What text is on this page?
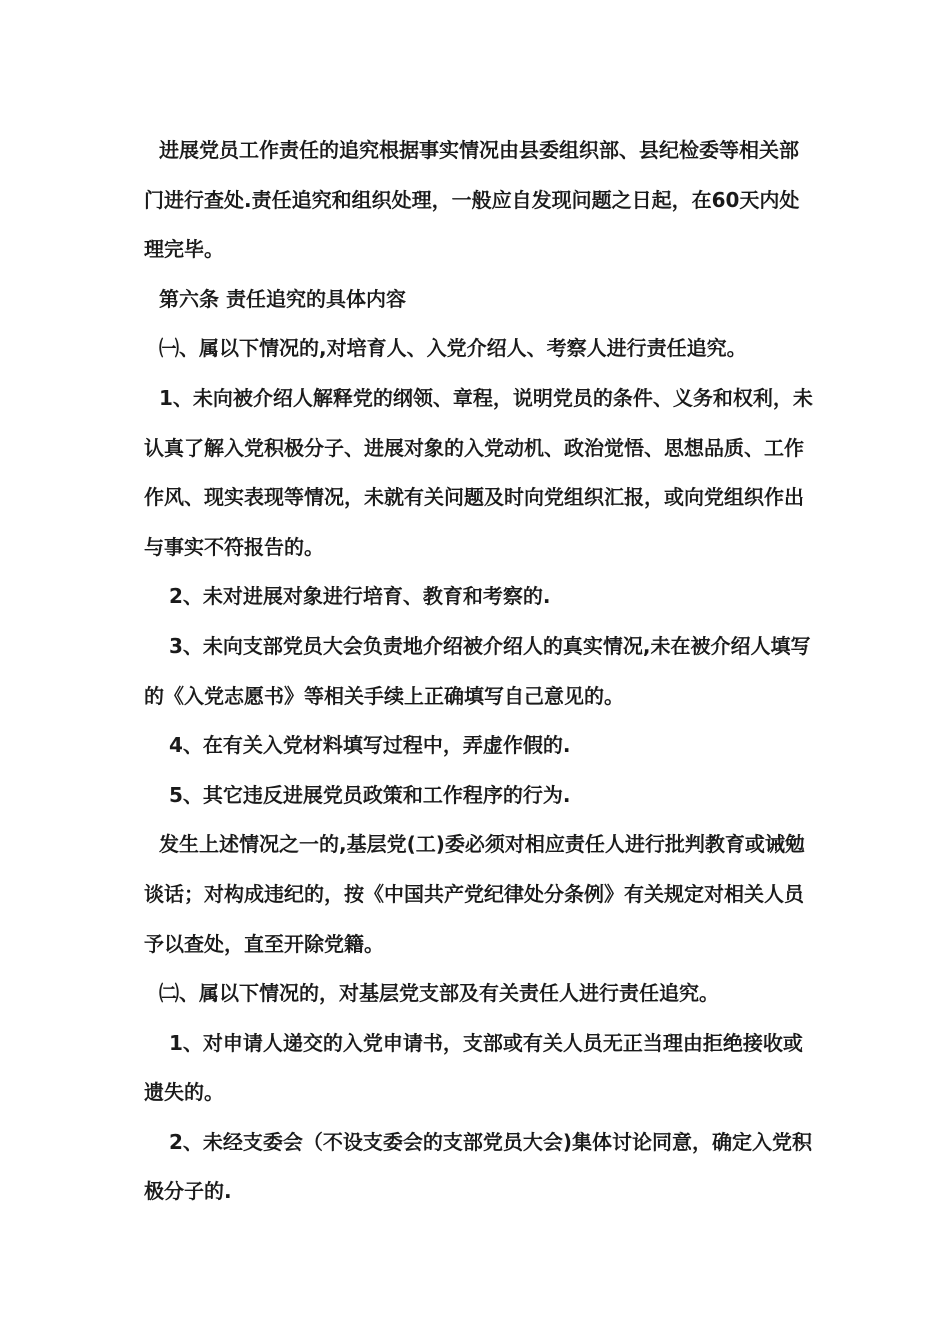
进展党员工作责任的追究根据事实情况由县委组织部、县纪检委等相关部门进行查处.责任追究和组织处理，一般应自发现问题之日起，在60天内处理完毕。

第六条 责任追究的具体内容

㈠、属以下情况的,对培育人、入党介绍人、考察人进行责任追究。

1、未向被介绍人解释党的纲领、章程，说明党员的条件、义务和权利，未认真了解入党积极分子、进展对象的入党动机、政治觉悟、思想品质、工作作风、现实表现等情况，未就有关问题及时向党组织汇报，或向党组织作出与事实不符报告的。

2、未对进展对象进行培育、教育和考察的.

3、未向支部党员大会负责地介绍被介绍人的真实情况,未在被介绍人填写的《入党志愿书》等相关手续上正确填写自己意见的。

4、在有关入党材料填写过程中，弄虚作假的.

5、其它违反进展党员政策和工作程序的行为.

发生上述情况之一的,基层党(工)委必须对相应责任人进行批判教育或诫勉谈话；对构成违纪的，按《中国共产党纪律处分条例》有关规定对相关人员予以查处，直至开除党籍。

㈡、属以下情况的，对基层党支部及有关责任人进行责任追究。

1、对申请人递交的入党申请书，支部或有关人员无正当理由拒绝接收或遗失的。

2、未经支委会（不设支委会的支部党员大会)集体讨论同意，确定入党积极分子的.
